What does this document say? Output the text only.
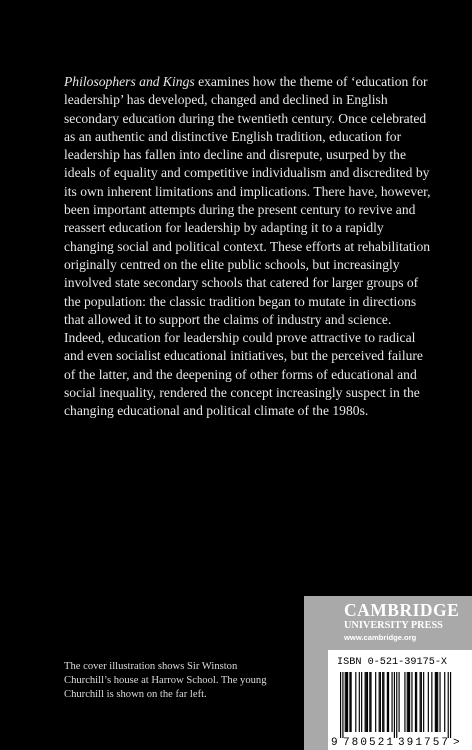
Philosophers and Kings examines how the theme of ‘education for leadership’ has developed, changed and declined in English secondary education during the twentieth century. Once celebrated as an authentic and distinctive English tradition, education for leadership has fallen into decline and disrepute, usurped by the ideals of equality and competitive individualism and discredited by its own inherent limitations and implications. There have, however, been important attempts during the present century to revive and reassert education for leadership by adapting it to a rapidly changing social and political context. These efforts at rehabilitation originally centred on the elite public schools, but increasingly involved state secondary schools that catered for larger groups of the population: the classic tradition began to mutate in directions that allowed it to support the claims of industry and science. Indeed, education for leadership could prove attractive to radical and even socialist educational initiatives, but the perceived failure of the latter, and the deepening of other forms of educational and social inequality, rendered the concept increasingly suspect in the changing educational and political climate of the 1980s.

The cover illustration shows Sir Winston Churchill’s house at Harrow School. The young Churchill is shown on the far left.

CAMBRIDGE
UNIVERSITY PRESS
www.cambridge.org
ISBN 0-521-39175-X
9 780521 391757 >
